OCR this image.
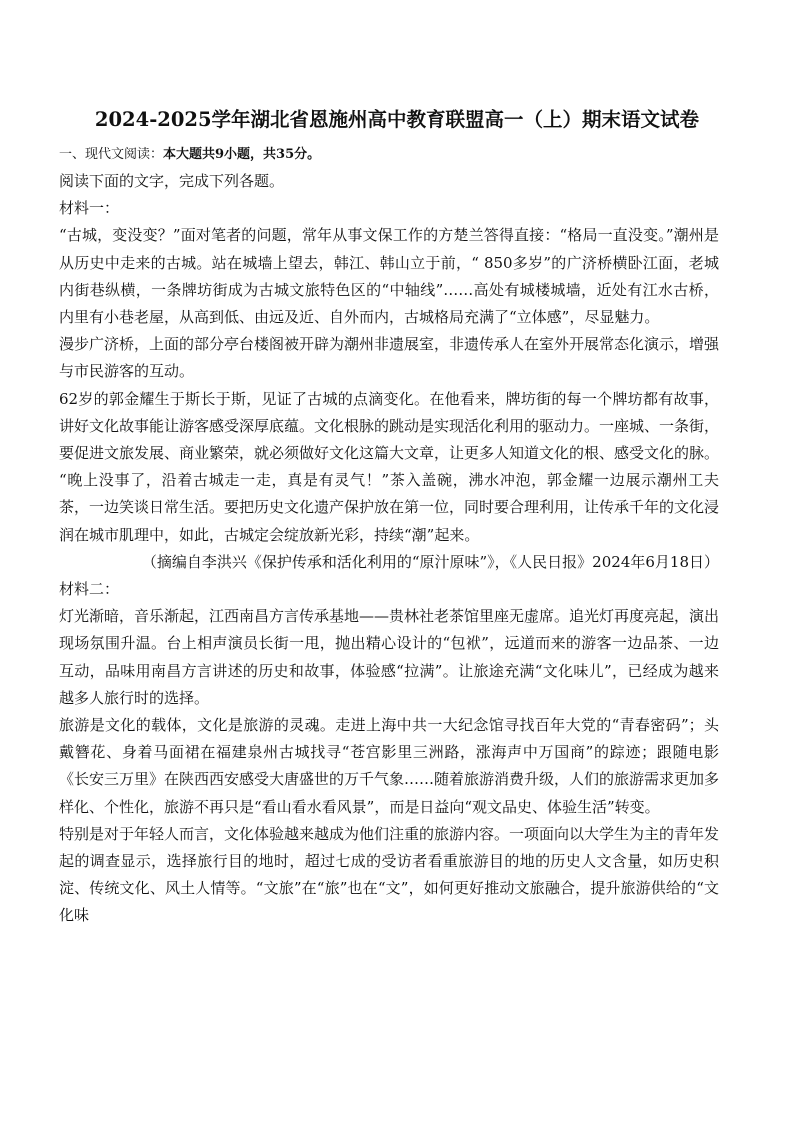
2024-2025学年湖北省恩施州高中教育联盟高一（上）期末语文试卷
一、现代文阅读：本大题共9小题，共35分。

阅读下面的文字，完成下列各题。

材料一：

“古城，变没变？”面对笔者的问题，常年从事文保工作的方楚兰答得直接：“格局一直没变。”潮州是从历史中走来的古城。站在城墙上望去，韩江、韩山立于前，“ 850多岁”的广济桥横卧江面，老城内街巷纵横，一条牌坊街成为古城文旅特色区的“中轴线”……高处有城楼城墙，近处有江水古桥，内里有小巷老屋，从高到低、由远及近、自外而内，古城格局充满了“立体感”，尽显魅力。

漫步广济桥，上面的部分亭台楼阁被开辟为潮州非遗展室，非遗传承人在室外开展常态化演示，增强与市民游客的互动。

62岁的郭金耀生于斯长于斯，见证了古城的点滴变化。在他看来，牌坊街的每一个牌坊都有故事，讲好文化故事能让游客感受深厚底蕴。文化根脉的跳动是实现活化利用的驱动力。一座城、一条街，要促进文旅发展、商业繁荣，就必须做好文化这篇大文章，让更多人知道文化的根、感受文化的脉。

“晚上没事了，沿着古城走一走，真是有灵气！”茶入盖碗，沸水冲泡，郭金耀一边展示潮州工夫茶，一边笑谈日常生活。要把历史文化遗产保护放在第一位，同时要合理利用，让传承千年的文化浸润在城市肌理中，如此，古城定会绽放新光彩，持续“潮”起来。

（摘编自李洪兴《保护传承和活化利用的“原汁原味”》，《人民日报》2024年6月18日）

材料二：

灯光渐暗，音乐渐起，江西南昌方言传承基地——贵林社老茶馆里座无虚席。追光灯再度亮起，演出现场氛围升温。台上相声演员长街一甩，抛出精心设计的“包袱”，远道而来的游客一边品茶、一边互动，品味用南昌方言讲述的历史和故事，体验感“拉满”。让旅途充满“文化味儿”，已经成为越来越多人旅行时的选择。

旅游是文化的载体，文化是旅游的灵魂。走进上海中共一大纪念馆寻找百年大党的“青春密码”；头戴簪花、身着马面裙在福建泉州古城找寻“苍宫影里三洲路，涨海声中万国商”的踪迹；跟随电影《长安三万里》在陕西西安感受大唐盛世的万千气象……随着旅游消费升级，人们的旅游需求更加多样化、个性化，旅游不再只是“看山看水看风景”，而是日益向“观文品史、体验生活”转变。

特别是对于年轻人而言，文化体验越来越成为他们注重的旅游内容。一项面向以大学生为主的青年发起的调查显示，选择旅行目的地时，超过七成的受访者看重旅游目的地的历史人文含量，如历史积淀、传统文化、风土人情等。“文旅”在“旅”也在“文”，如何更好推动文旅融合，提升旅游供给的“文化味
